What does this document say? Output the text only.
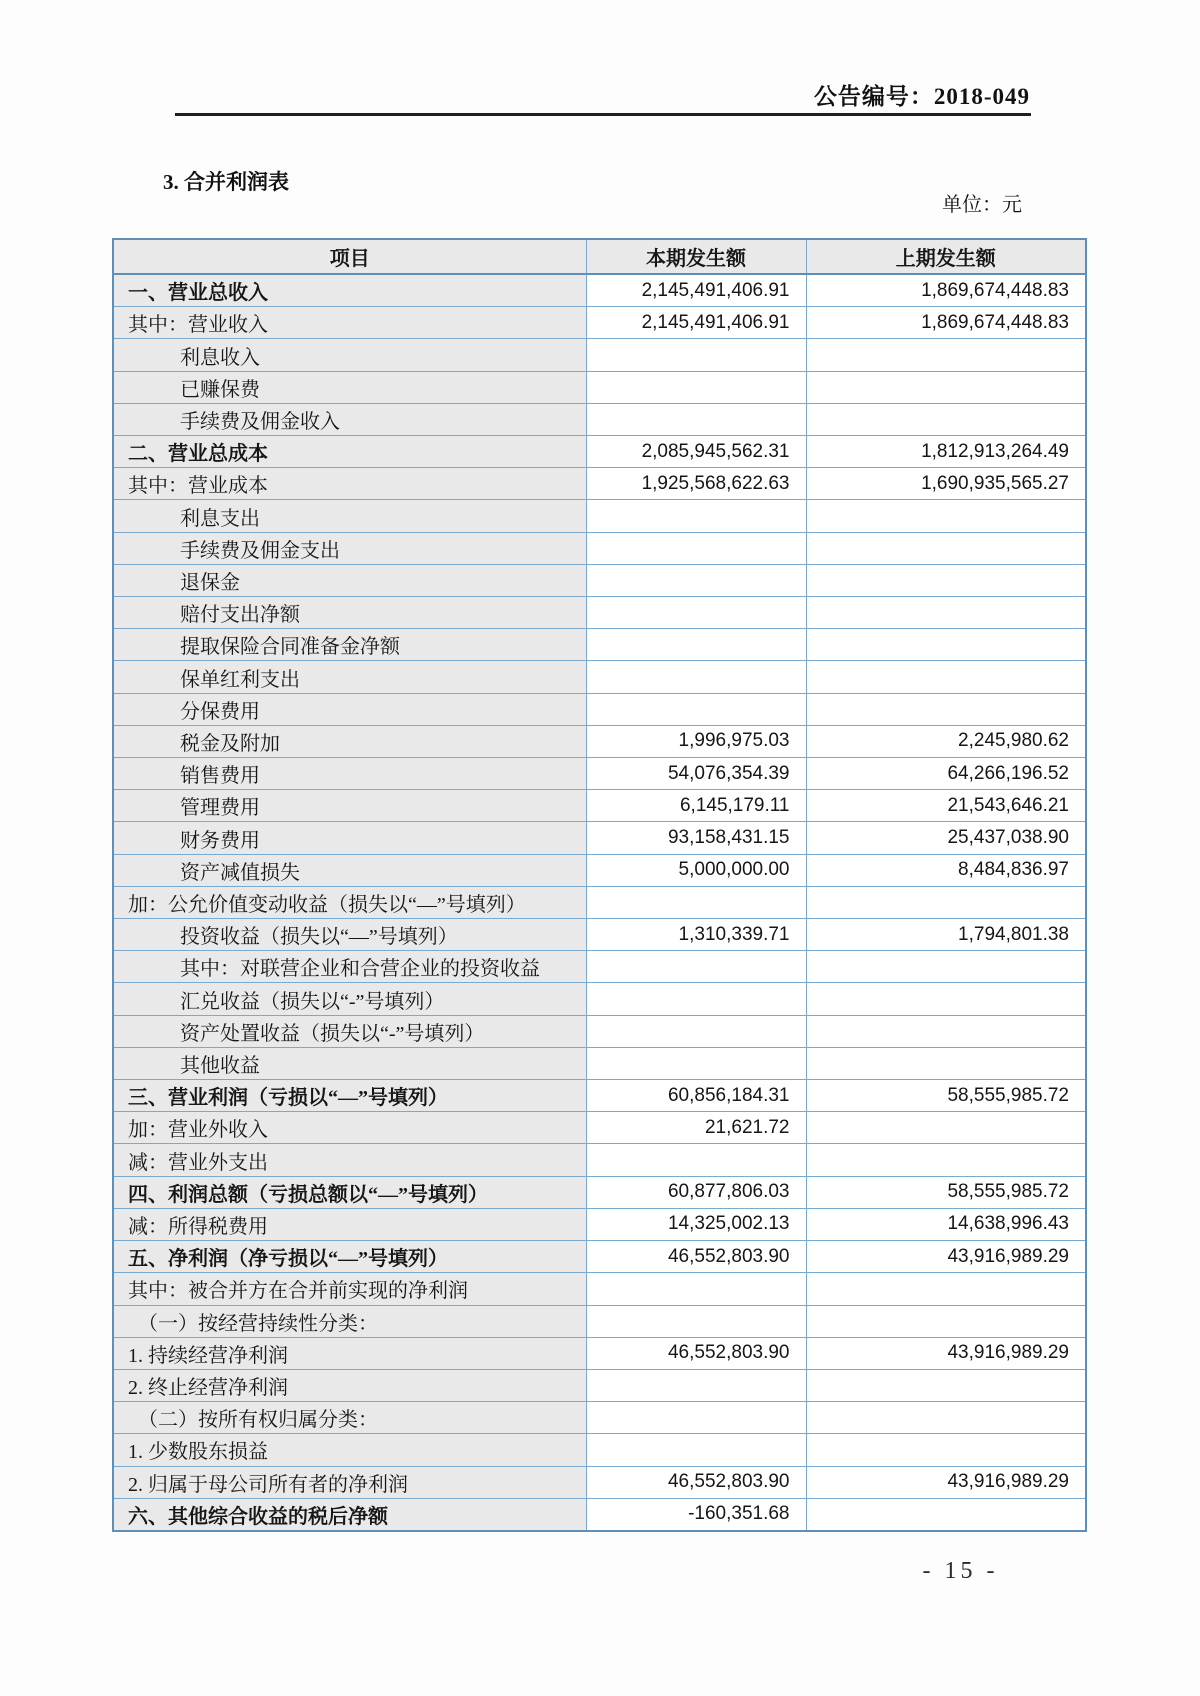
公告编号：2018-049
3. 合并利润表
单位：元
项目	本期发生额	上期发生额
一、营业总收入	2,145,491,406.91	1,869,674,448.83
其中：营业收入	2,145,491,406.91	1,869,674,448.83
利息收入		
已赚保费		
手续费及佣金收入		
二、营业总成本	2,085,945,562.31	1,812,913,264.49
其中：营业成本	1,925,568,622.63	1,690,935,565.27
利息支出		
手续费及佣金支出		
退保金		
赔付支出净额		
提取保险合同准备金净额		
保单红利支出		
分保费用		
税金及附加	1,996,975.03	2,245,980.62
销售费用	54,076,354.39	64,266,196.52
管理费用	6,145,179.11	21,543,646.21
财务费用	93,158,431.15	25,437,038.90
资产减值损失	5,000,000.00	8,484,836.97
加：公允价值变动收益（损失以“—”号填列）		
投资收益（损失以“—”号填列）	1,310,339.71	1,794,801.38
其中：对联营企业和合营企业的投资收益		
汇兑收益（损失以“-”号填列）		
资产处置收益（损失以“-”号填列）		
其他收益		
三、营业利润（亏损以“—”号填列）	60,856,184.31	58,555,985.72
加：营业外收入	21,621.72	
减：营业外支出		
四、利润总额（亏损总额以“—”号填列）	60,877,806.03	58,555,985.72
减：所得税费用	14,325,002.13	14,638,996.43
五、净利润（净亏损以“—”号填列）	46,552,803.90	43,916,989.29
其中：被合并方在合并前实现的净利润		
（一）按经营持续性分类：		
1. 持续经营净利润	46,552,803.90	43,916,989.29
2. 终止经营净利润		
（二）按所有权归属分类：		
1. 少数股东损益		
2. 归属于母公司所有者的净利润	46,552,803.90	43,916,989.29
六、其他综合收益的税后净额	-160,351.68	
- 15 -
